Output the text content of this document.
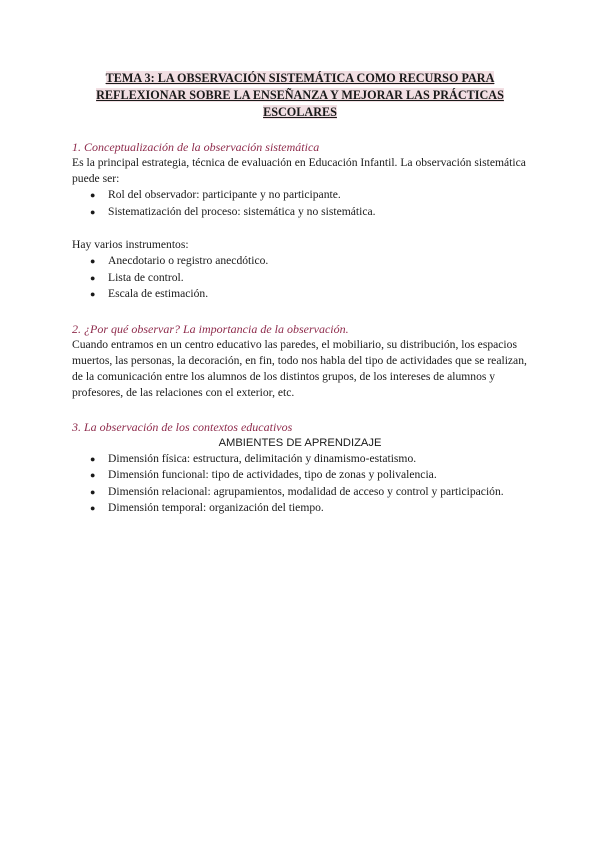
TEMA 3: LA OBSERVACIÓN SISTEMÁTICA COMO RECURSO PARA REFLEXIONAR SOBRE LA ENSEÑANZA Y MEJORAR LAS PRÁCTICAS ESCOLARES

1. Conceptualización de la observación sistemática

Es la principal estrategia, técnica de evaluación en Educación Infantil. La observación sistemática puede ser:

● Rol del observador: participante y no participante.
● Sistematización del proceso: sistemática y no sistemática.

Hay varios instrumentos:

● Anecdotario o registro anecdótico.
● Lista de control.
● Escala de estimación.

2. ¿Por qué observar? La importancia de la observación.

Cuando entramos en un centro educativo las paredes, el mobiliario, su distribución, los espacios muertos, las personas, la decoración, en fin, todo nos habla del tipo de actividades que se realizan, de la comunicación entre los alumnos de los distintos grupos, de los intereses de alumnos y profesores, de las relaciones con el exterior, etc.

3. La observación de los contextos educativos

AMBIENTES DE APRENDIZAJE

● Dimensión física: estructura, delimitación y dinamismo-estatismo.
● Dimensión funcional: tipo de actividades, tipo de zonas y polivalencia.
● Dimensión relacional: agrupamientos, modalidad de acceso y control y participación.
● Dimensión temporal: organización del tiempo.
